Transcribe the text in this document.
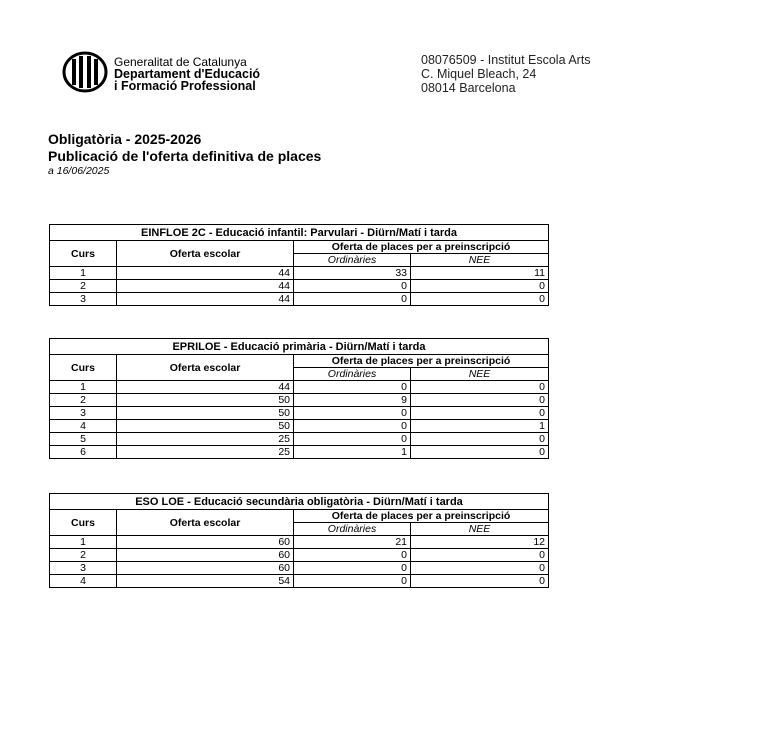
Generalitat de Catalunya
Departament d'Educació
i Formació Professional
08076509 - Institut Escola Arts
C. Miquel Bleach, 24
08014 Barcelona
Obligatòria - 2025-2026
Publicació de l'oferta definitiva de places
a 16/06/2025
EINFLOE 2C - Educació infantil: Parvulari - Diürn/Matí i tarda			
Curs	Oferta escolar	Oferta de places per a preinscripció	
		Ordinàries	NEE
1	44	33	11
2	44	0	0
3	44	0	0
EPRILOE - Educació primària - Diürn/Matí i tarda			
Curs	Oferta escolar	Oferta de places per a preinscripció	
		Ordinàries	NEE
1	44	0	0
2	50	9	0
3	50	0	0
4	50	0	1
5	25	0	0
6	25	1	0
ESO LOE - Educació secundària obligatòria - Diürn/Matí i tarda			
Curs	Oferta escolar	Oferta de places per a preinscripció	
		Ordinàries	NEE
1	60	21	12
2	60	0	0
3	60	0	0
4	54	0	0
